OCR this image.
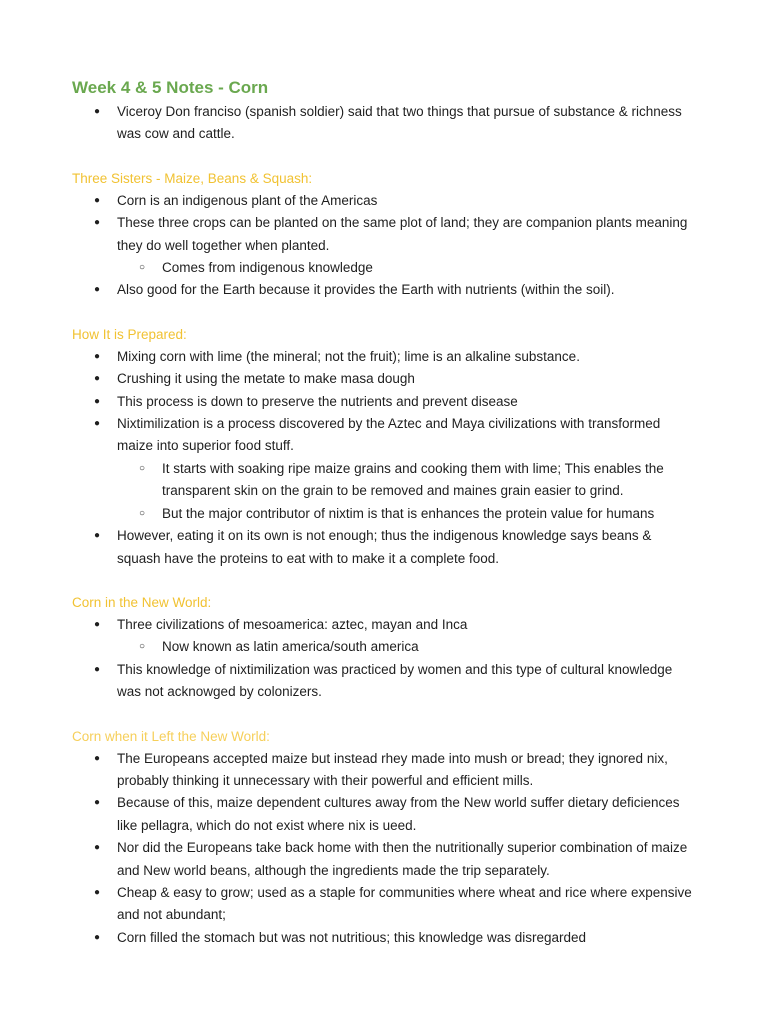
Week 4 & 5 Notes - Corn
● Viceroy Don franciso (spanish soldier) said that two things that pursue of substance & richness was cow and cattle.
Three Sisters - Maize, Beans & Squash:
● Corn is an indigenous plant of the Americas
● These three crops can be planted on the same plot of land; they are companion plants meaning they do well together when planted.
○ Comes from indigenous knowledge
● Also good for the Earth because it provides the Earth with nutrients (within the soil).
How It is Prepared:
● Mixing corn with lime (the mineral; not the fruit); lime is an alkaline substance.
● Crushing it using the metate to make masa dough
● This process is down to preserve the nutrients and prevent disease
● Nixtimilization is a process discovered by the Aztec and Maya civilizations with transformed maize into superior food stuff.
○ It starts with soaking ripe maize grains and cooking them with lime; This enables the transparent skin on the grain to be removed and maines grain easier to grind.
○ But the major contributor of nixtim is that is enhances the protein value for humans
● However, eating it on its own is not enough; thus the indigenous knowledge says beans & squash have the proteins to eat with to make it a complete food.
Corn in the New World:
● Three civilizations of mesoamerica: aztec, mayan and Inca
○ Now known as latin america/south america
● This knowledge of nixtimilization was practiced by women and this type of cultural knowledge was not acknowged by colonizers.
Corn when it Left the New World:
● The Europeans accepted maize but instead rhey made into mush or bread; they ignored nix, probably thinking it unnecessary with their powerful and efficient mills.
● Because of this, maize dependent cultures away from the New world suffer dietary deficiences like pellagra, which do not exist where nix is ueed.
● Nor did the Europeans take back home with then the nutritionally superior combination of maize and New world beans, although the ingredients made the trip separately.
● Cheap & easy to grow; used as a staple for communities where wheat and rice where expensive and not abundant;
● Corn filled the stomach but was not nutritious; this knowledge was disregarded
